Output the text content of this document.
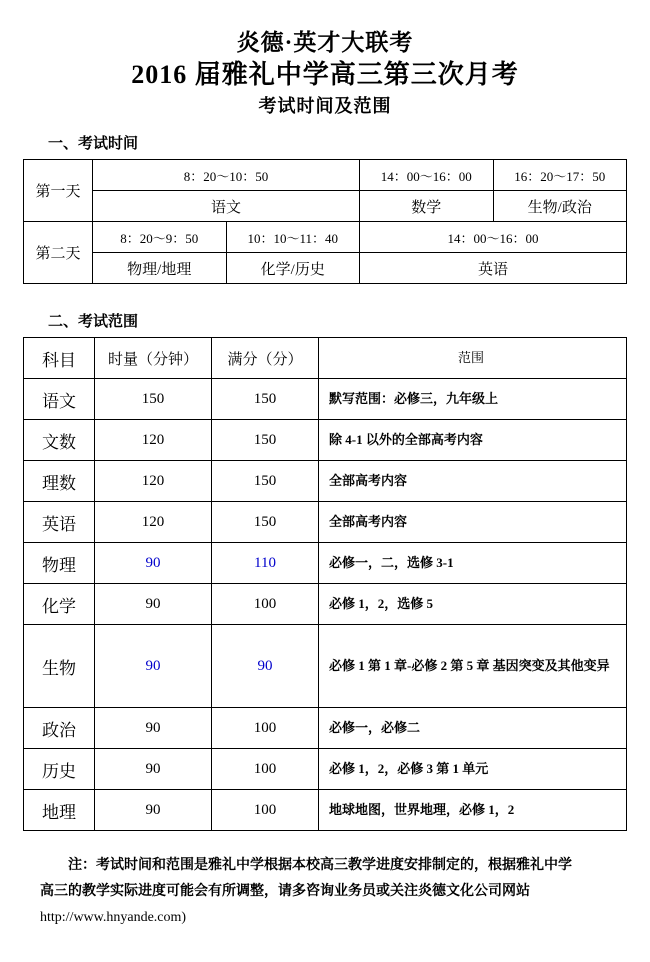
炎德·英才大联考
2016 届雅礼中学高三第三次月考
考试时间及范围
一、考试时间
第一天	8：20～10：50		14：00～16：00	16：20～17：50
	语文		数学	生物/政治
第二天	8：20～9：50	10：10～11：40	14：00～16：00	
	物理/地理	化学/历史	英语	
二、考试范围
科目	时量（分钟）	满分（分）	范围
语文	150	150	默写范围：必修三，九年级上
文数	120	150	除 4-1 以外的全部高考内容
理数	120	150	全部高考内容
英语	120	150	全部高考内容
物理	90	110	必修一，二，选修 3-1
化学	90	100	必修 1，2，选修 5
生物	90	90	必修 1 第 1 章-必修 2 第 5 章 基因突变及其他变异
政治	90	100	必修一，必修二
历史	90	100	必修 1，2，必修 3 第 1 单元
地理	90	100	地球地图，世界地理，必修 1，2
注：考试时间和范围是雅礼中学根据本校高三教学进度安排制定的，根据雅礼中学
高三的教学实际进度可能会有所调整，请多咨询业务员或关注炎德文化公司网站
http://www.hnyande.com)
